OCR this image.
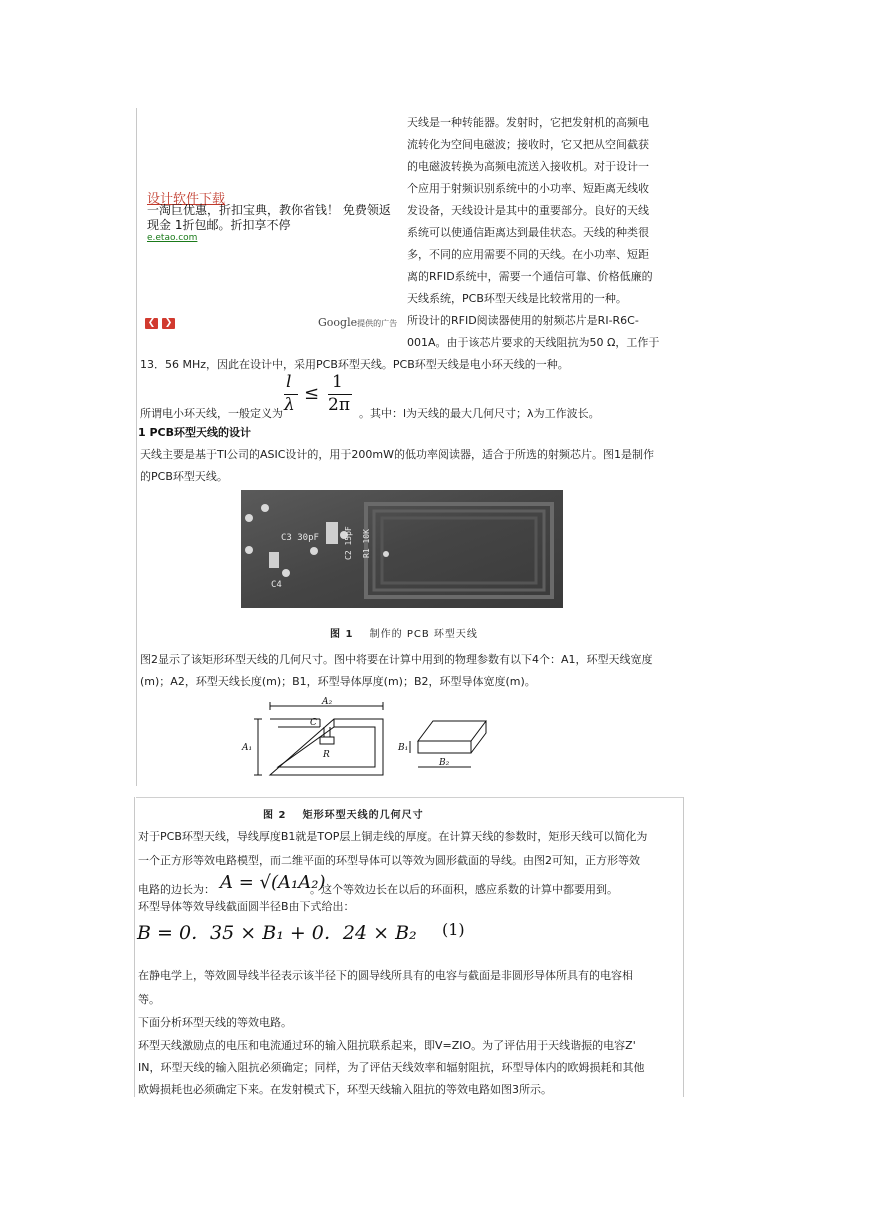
设计软件下载
一淘巨优惠，折扣宝典，教你省钱！ 免费领返现金 1折包邮。折扣享不停
e.etao.com
❮	❯	Google提供的广告
天线是一种转能器。发射时，它把发射机的高频电
流转化为空间电磁波；接收时，它又把从空间截获
的电磁波转换为高频电流送入接收机。对于设计一
个应用于射频识别系统中的小功率、短距离无线收
发设备，天线设计是其中的重要部分。良好的天线
系统可以使通信距离达到最佳状态。天线的种类很
多，不同的应用需要不同的天线。在小功率、短距
离的RFID系统中，需要一个通信可靠、价格低廉的
天线系统，PCB环型天线是比较常用的一种。
所设计的RFID阅读器使用的射频芯片是RI-R6C-
001A。由于该芯片要求的天线阻抗为50 Ω，工作于
13．56 MHz，因此在设计中，采用PCB环型天线。PCB环型天线是电小环天线的一种。
所谓电小环天线，一般定义为
l
λ
≤
1
2π 。其中：l为天线的最大几何尺寸；λ为工作波长。
1 PCB环型天线的设计
天线主要是基于TI公司的ASIC设计的，用于200mW的低功率阅读器，适合于所选的射频芯片。图1是制作
的PCB环型天线。
C3 30pF
C4
C2 15pF R1 10K
图 1 制作的 PCB 环型天线
图2显示了该矩形环型天线的几何尺寸。图中将要在计算中用到的物理参数有以下4个：A1，环型天线宽度
(m)；A2，环型天线长度(m)；B1，环型导体厚度(m)；B2，环型导体宽度(m)。
A₂
C
A₁
R
B₁
B₂
图 2 矩形环型天线的几何尺寸
对于PCB环型天线，导线厚度B1就是TOP层上铜走线的厚度。在计算天线的参数时，矩形天线可以简化为
一个正方形等效电路模型，而二维平面的环型导体可以等效为圆形截面的导线。由图2可知，正方形等效
电路的边长为： A = √(A₁A₂)
。这个等效边长在以后的环面积，感应系数的计算中都要用到。
环型导体等效导线截面圆半径B由下式给出：
B = 0．35 × B₁ + 0．24 × B₂ (1)
在静电学上，等效圆导线半径表示该半径下的圆导线所具有的电容与截面是非圆形导体所具有的电容相
等。
下面分析环型天线的等效电路。
环型天线激励点的电压和电流通过环的输入阻抗联系起来，即V=ZIO。为了评估用于天线谐振的电容Z'
IN，环型天线的输入阻抗必须确定；同样，为了评估天线效率和辐射阻抗，环型导体内的欧姆损耗和其他
欧姆损耗也必须确定下来。在发射模式下，环型天线输入阻抗的等效电路如图3所示。
